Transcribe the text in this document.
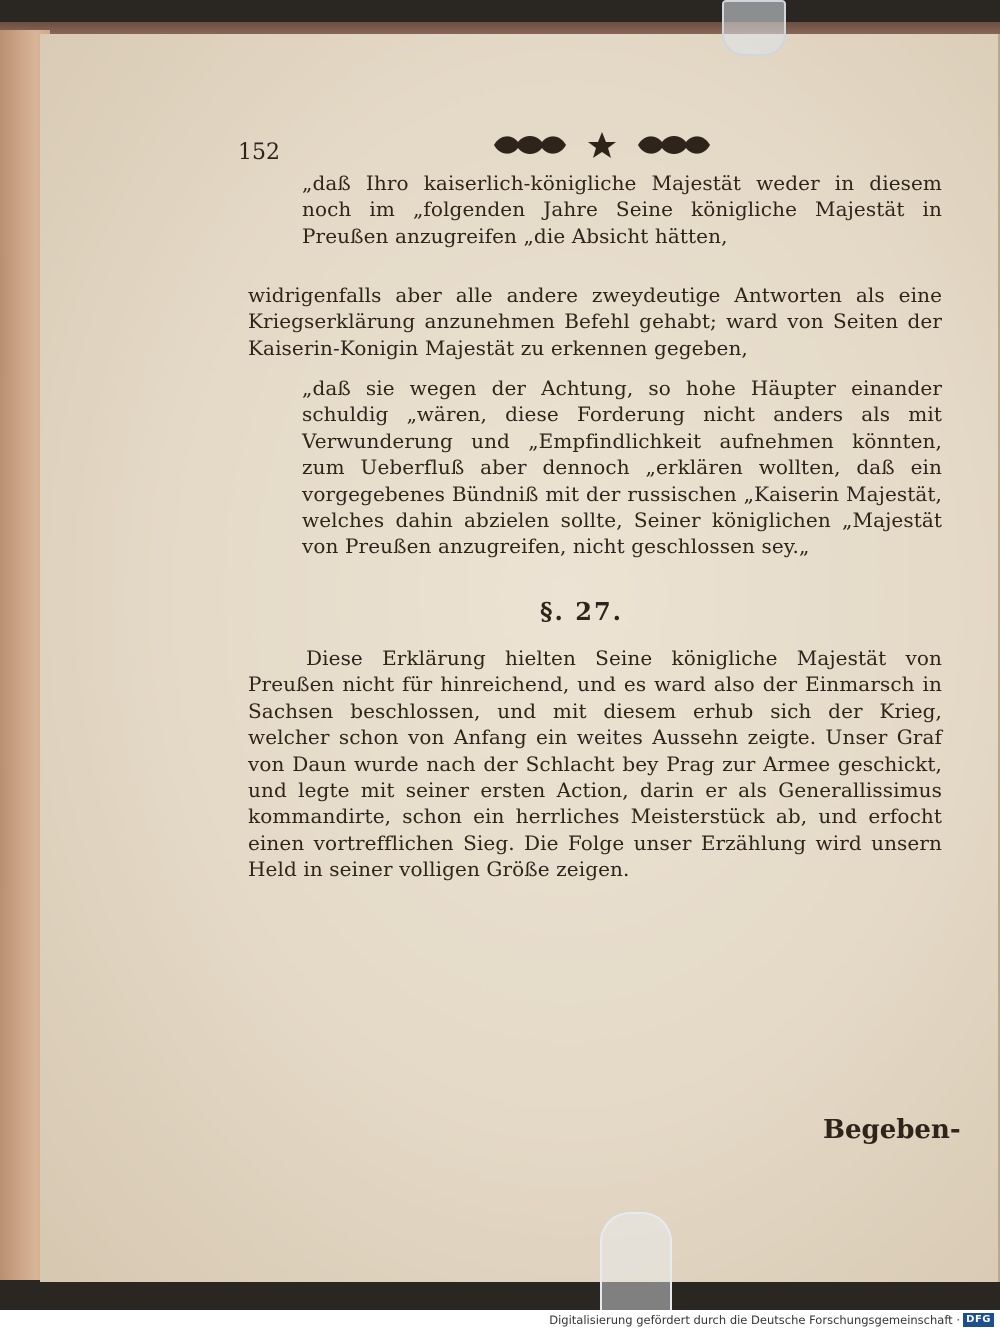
152
„daß Ihro kaiserlich-königliche Majestät weder in diesem noch im „folgenden Jahre Seine königliche Majestät in Preußen anzugreifen „die Absicht hätten,
widrigenfalls aber alle andere zweydeutige Antworten als eine Kriegserklärung anzunehmen Befehl gehabt; ward von Seiten der Kaiserin-Konigin Majestät zu erkennen gegeben,
„daß sie wegen der Achtung, so hohe Häupter einander schuldig „wären, diese Forderung nicht anders als mit Verwunderung und „Empfindlichkeit aufnehmen könnten, zum Ueberfluß aber dennoch „erklären wollten, daß ein vorgegebenes Bündniß mit der russischen „Kaiserin Majestät, welches dahin abzielen sollte, Seiner königlichen „Majestät von Preußen anzugreifen, nicht geschlossen sey.„
§. 27.
Diese Erklärung hielten Seine königliche Majestät von Preußen nicht für hinreichend, und es ward also der Einmarsch in Sachsen beschlossen, und mit diesem erhub sich der Krieg, welcher schon von Anfang ein weites Aussehn zeigte. Unser Graf von Daun wurde nach der Schlacht bey Prag zur Armee geschickt, und legte mit seiner ersten Action, darin er als Generallissimus kommandirte, schon ein herrliches Meisterstück ab, und erfocht einen vortrefflichen Sieg. Die Folge unser Erzählung wird unsern Held in seiner volligen Größe zeigen.
Begeben-
Digitalisierung gefördert durch die Deutsche Forschungsgemeinschaft · DFG
